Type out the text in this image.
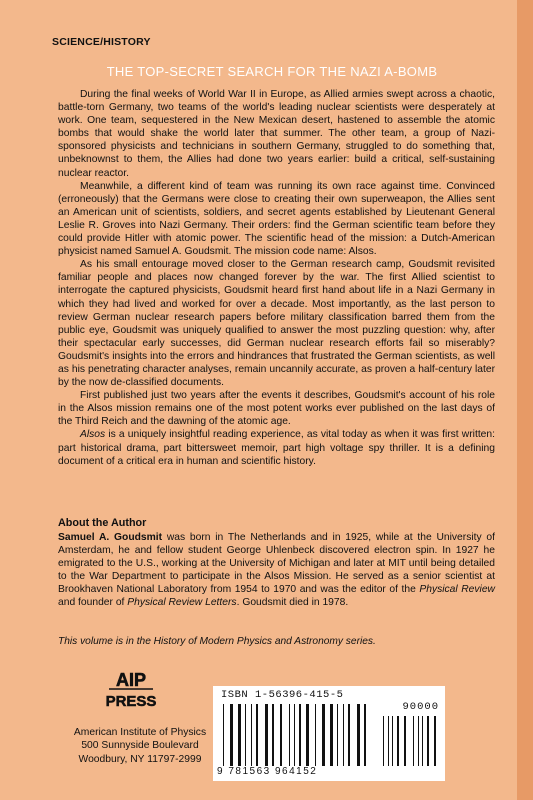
SCIENCE/HISTORY
THE TOP-SECRET SEARCH FOR THE NAZI A-BOMB

During the final weeks of World War II in Europe, as Allied armies swept across a chaotic, battle-torn Germany, two teams of the world's leading nuclear scientists were desperately at work. One team, sequestered in the New Mexican desert, hastened to assemble the atomic bombs that would shake the world later that summer. The other team, a group of Nazi-sponsored physicists and technicians in southern Germany, struggled to do something that, unbeknownst to them, the Allies had done two years earlier: build a critical, self-sustaining nuclear reactor.

Meanwhile, a different kind of team was running its own race against time. Convinced (erroneously) that the Germans were close to creating their own superweapon, the Allies sent an American unit of scientists, soldiers, and secret agents established by Lieutenant General Leslie R. Groves into Nazi Germany. Their orders: find the German scientific team before they could provide Hitler with atomic power. The scientific head of the mission: a Dutch-American physicist named Samuel A. Goudsmit. The mission code name: Alsos.

As his small entourage moved closer to the German research camp, Goudsmit revisited familiar people and places now changed forever by the war. The first Allied scientist to interrogate the captured physicists, Goudsmit heard first hand about life in a Nazi Germany in which they had lived and worked for over a decade. Most importantly, as the last person to review German nuclear research papers before military classification barred them from the public eye, Goudsmit was uniquely qualified to answer the most puzzling question: why, after their spectacular early successes, did German nuclear research efforts fail so miserably? Goudsmit's insights into the errors and hindrances that frustrated the German scientists, as well as his penetrating character analyses, remain uncannily accurate, as proven a half-century later by the now de-classified documents.

First published just two years after the events it describes, Goudsmit's account of his role in the Alsos mission remains one of the most potent works ever published on the last days of the Third Reich and the dawning of the atomic age.

Alsos is a uniquely insightful reading experience, as vital today as when it was first written: part historical drama, part bittersweet memoir, part high voltage spy thriller. It is a defining document of a critical era in human and scientific history.

About the Author

Samuel A. Goudsmit was born in The Netherlands and in 1925, while at the University of Amsterdam, he and fellow student George Uhlenbeck discovered electron spin. In 1927 he emigrated to the U.S., working at the University of Michigan and later at MIT until being detailed to the War Department to participate in the Alsos Mission. He served as a senior scientist at Brookhaven National Laboratory from 1954 to 1970 and was the editor of the Physical Review and founder of Physical Review Letters. Goudsmit died in 1978.

This volume is in the History of Modern Physics and Astronomy series.
AIP
PRESS
American Institute of Physics
500 Sunnyside Boulevard
Woodbury, NY 11797-2999
ISBN 1-56396-415-5
90000
9 781563 964152
